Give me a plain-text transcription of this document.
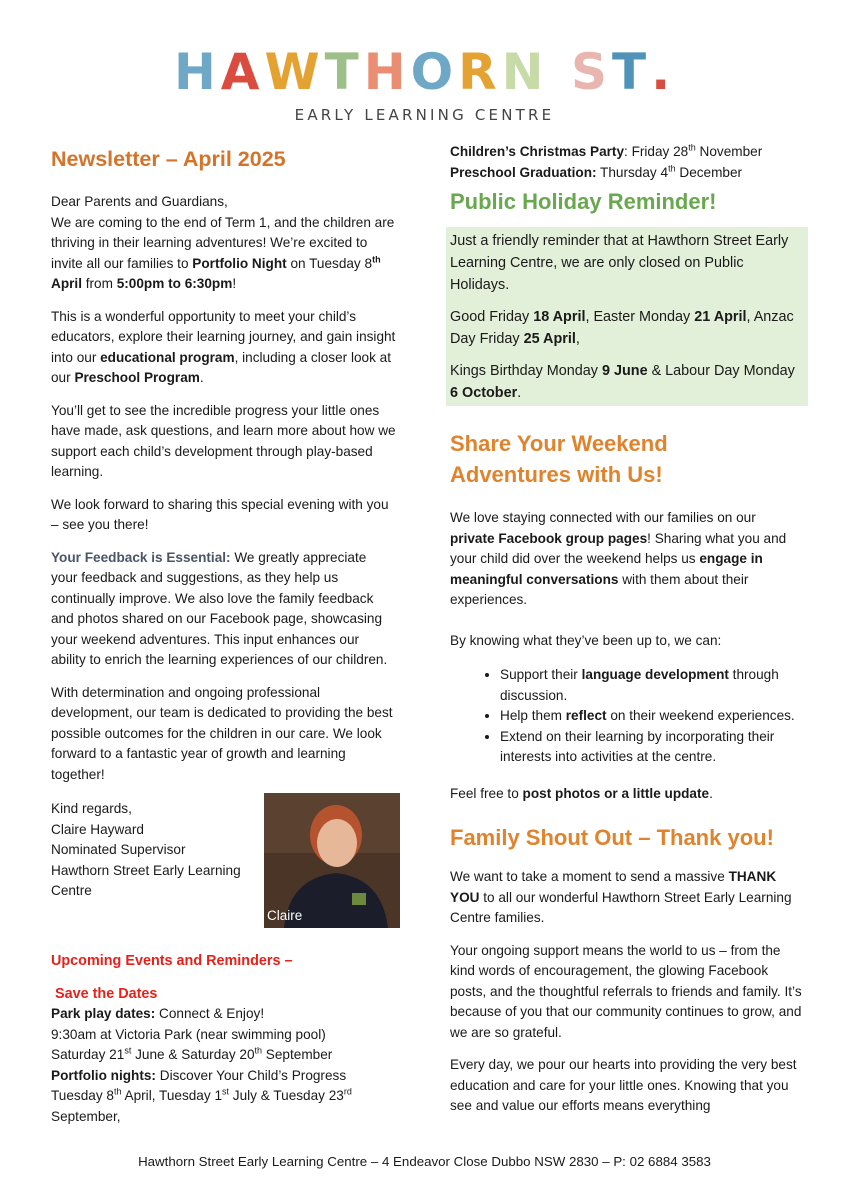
HAWTHORN ST.
EARLY LEARNING CENTRE
Newsletter – April 2025

Dear Parents and Guardians,
We are coming to the end of Term 1, and the children are thriving in their learning adventures! We’re excited to invite all our families to Portfolio Night on Tuesday 8th April from 5:00pm to 6:30pm!

This is a wonderful opportunity to meet your child’s educators, explore their learning journey, and gain insight into our educational program, including a closer look at our Preschool Program.

You’ll get to see the incredible progress your little ones have made, ask questions, and learn more about how we support each child’s development through play-based learning.

We look forward to sharing this special evening with you – see you there!

Your Feedback is Essential: We greatly appreciate your feedback and suggestions, as they help us continually improve. We also love the family feedback and photos shared on our Facebook page, showcasing your weekend adventures. This input enhances our ability to enrich the learning experiences of our children.

With determination and ongoing professional development, our team is dedicated to providing the best possible outcomes for the children in our care. We look forward to a fantastic year of growth and learning together!

Kind regards,
Claire Hayward
Nominated Supervisor
Hawthorn Street Early Learning Centre
Claire
Upcoming Events and Reminders –
Save the Dates
Park play dates: Connect & Enjoy!
9:30am at Victoria Park (near swimming pool)
Saturday 21st June & Saturday 20th September
Portfolio nights: Discover Your Child’s Progress
Tuesday 8th April, Tuesday 1st July & Tuesday 23rd
September,
Children’s Christmas Party: Friday 28th November
Preschool Graduation: Thursday 4th December
Public Holiday Reminder!

Just a friendly reminder that at Hawthorn Street Early Learning Centre, we are only closed on Public Holidays.

Good Friday 18 April, Easter Monday 21 April, Anzac Day Friday 25 April,

Kings Birthday Monday 9 June & Labour Day Monday 6 October.

Share Your Weekend Adventures with Us!

We love staying connected with our families on our private Facebook group pages! Sharing what you and your child did over the weekend helps us engage in meaningful conversations with them about their experiences.

By knowing what they’ve been up to, we can:

• Support their language development through discussion.
• Help them reflect on their weekend experiences.
• Extend on their learning by incorporating their interests into activities at the centre.

Feel free to post photos or a little update.

Family Shout Out – Thank you!

We want to take a moment to send a massive THANK YOU to all our wonderful Hawthorn Street Early Learning Centre families.

Your ongoing support means the world to us – from the kind words of encouragement, the glowing Facebook posts, and the thoughtful referrals to friends and family. It’s because of you that our community continues to grow, and we are so grateful.

Every day, we pour our hearts into providing the very best education and care for your little ones. Knowing that you see and value our efforts means everything

Hawthorn Street Early Learning Centre – 4 Endeavor Close Dubbo NSW 2830 – P: 02 6884 3583
